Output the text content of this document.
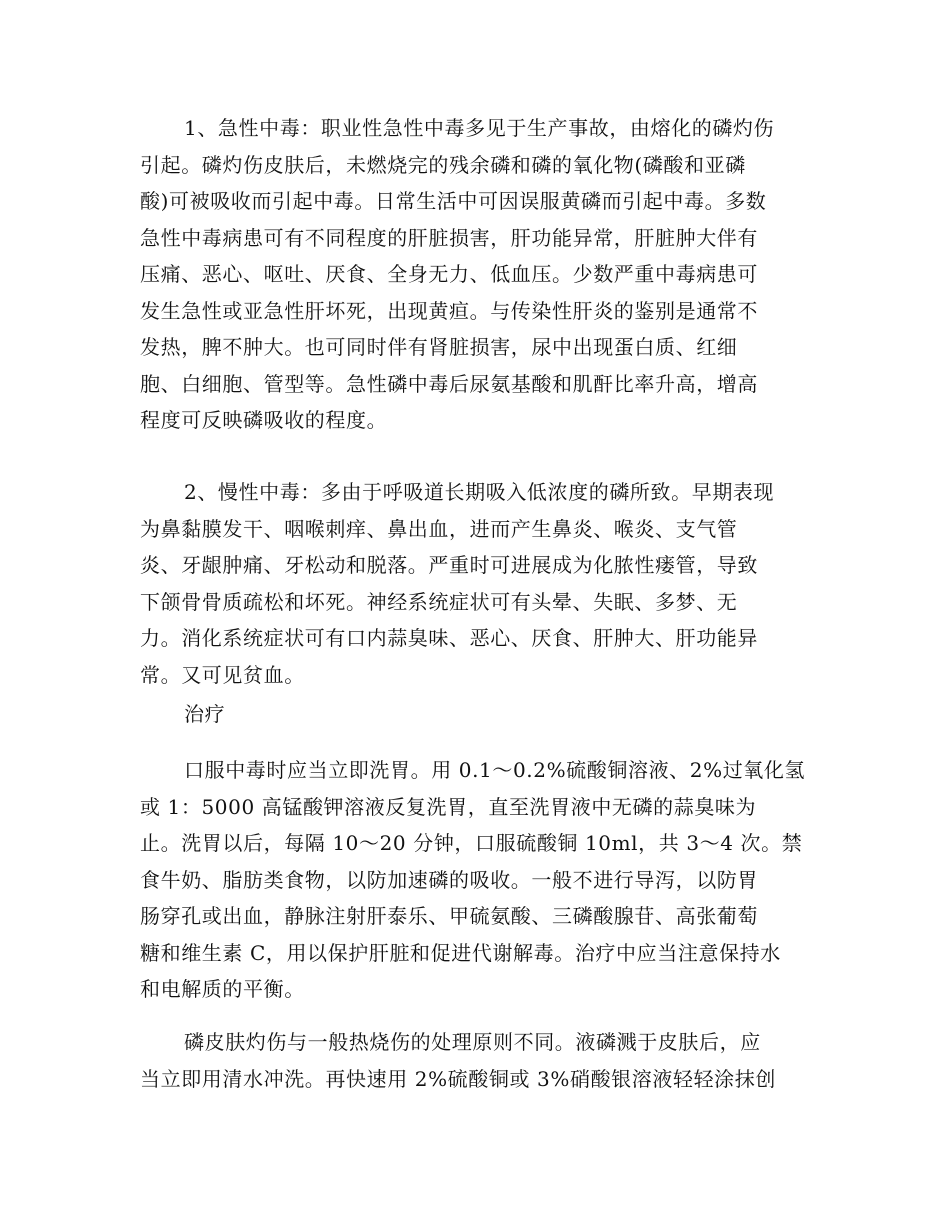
1、急性中毒：职业性急性中毒多见于生产事故，由熔化的磷灼伤
引起。磷灼伤皮肤后，未燃烧完的残余磷和磷的氧化物(磷酸和亚磷
酸)可被吸收而引起中毒。日常生活中可因误服黄磷而引起中毒。多数
急性中毒病患可有不同程度的肝脏损害，肝功能异常，肝脏肿大伴有
压痛、恶心、呕吐、厌食、全身无力、低血压。少数严重中毒病患可
发生急性或亚急性肝坏死，出现黄疸。与传染性肝炎的鉴别是通常不
发热，脾不肿大。也可同时伴有肾脏损害，尿中出现蛋白质、红细
胞、白细胞、管型等。急性磷中毒后尿氨基酸和肌酐比率升高，增高
程度可反映磷吸收的程度。
2、慢性中毒：多由于呼吸道长期吸入低浓度的磷所致。早期表现
为鼻黏膜发干、咽喉刺痒、鼻出血，进而产生鼻炎、喉炎、支气管
炎、牙龈肿痛、牙松动和脱落。严重时可进展成为化脓性瘘管，导致
下颌骨骨质疏松和坏死。神经系统症状可有头晕、失眠、多梦、无
力。消化系统症状可有口内蒜臭味、恶心、厌食、肝肿大、肝功能异
常。又可见贫血。
治疗
口服中毒时应当立即洗胃。用 0.1～0.2%硫酸铜溶液、2%过氧化氢
或 1：5000 高锰酸钾溶液反复洗胃，直至洗胃液中无磷的蒜臭味为
止。洗胃以后，每隔 10～20 分钟，口服硫酸铜 10ml，共 3～4 次。禁
食牛奶、脂肪类食物，以防加速磷的吸收。一般不进行导泻，以防胃
肠穿孔或出血，静脉注射肝泰乐、甲硫氨酸、三磷酸腺苷、高张葡萄
糖和维生素 C，用以保护肝脏和促进代谢解毒。治疗中应当注意保持水
和电解质的平衡。
磷皮肤灼伤与一般热烧伤的处理原则不同。液磷溅于皮肤后，应
当立即用清水冲洗。再快速用 2%硫酸铜或 3%硝酸银溶液轻轻涂抹创
